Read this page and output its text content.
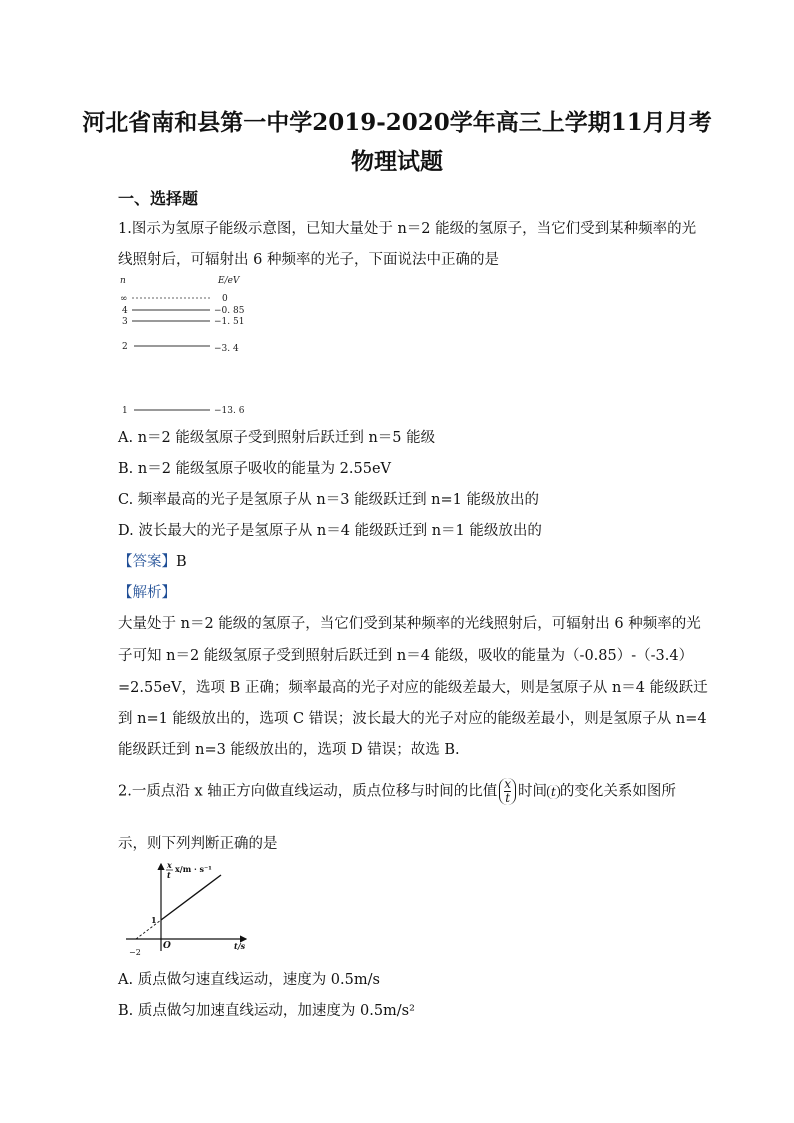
河北省南和县第一中学2019-2020学年高三上学期11月月考
物理试题
一、选择题
1.图示为氢原子能级示意图，已知大量处于 n＝2 能级的氢原子，当它们受到某种频率的光
线照射后，可辐射出 6 种频率的光子，下面说法中正确的是
n	E/eV
∞	0
4	−0. 85
3	−1. 51
2	−3. 4
1	−13. 6
A. n＝2 能级氢原子受到照射后跃迁到 n＝5 能级
B. n＝2 能级氢原子吸收的能量为 2.55eV
C. 频率最高的光子是氢原子从 n＝3 能级跃迁到 n=1 能级放出的
D. 波长最大的光子是氢原子从 n＝4 能级跃迁到 n＝1 能级放出的
【答案】B
【解析】
大量处于 n＝2 能级的氢原子，当它们受到某种频率的光线照射后，可辐射出 6 种频率的光
子可知 n＝2 能级氢原子受到照射后跃迁到 n＝4 能级，吸收的能量为（-0.85）-（-3.4）
=2.55eV，选项 B 正确；频率最高的光子对应的能级差最大，则是氢原子从 n＝4 能级跃迁
到 n=1 能级放出的，选项 C 错误；波长最大的光子对应的能级差最小，则是氢原子从 n=4
能级跃迁到 n=3 能级放出的，选项 D 错误；故选 B.
2.一质点沿 x 轴正方向做直线运动，质点位移与时间的比值 $\frac{x}{t}$ 时间 t 的变化关系如图所
示，则下列判断正确的是
x
t
x/m · s⁻¹
1
O	t/s
−2
A. 质点做匀速直线运动，速度为 0.5m/s
B. 质点做匀加速直线运动，加速度为 0.5m/s²
